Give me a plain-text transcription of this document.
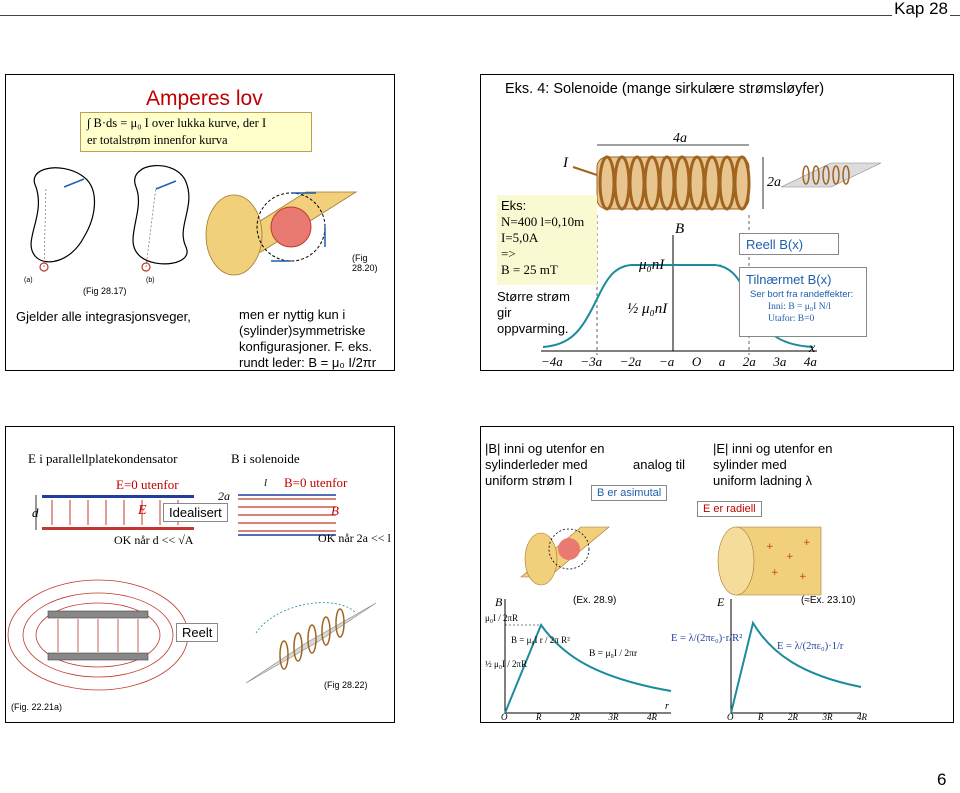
Kap 28
Amperes lov
∫ B·ds = μ₀ I over lukka kurve, der I
er totalstrøm innenfor kurva
(a)	(b)
(Fig 28.17)
(Fig 28.20)
Gjelder alle integrasjonsveger,	men er nyttig kun i
(sylinder)symmetriske
konfigurasjoner. F. eks.
rundt leder: B = μ₀ I/2πr
Eks. 4: Solenoide (mange sirkulære strømsløyfer)
4a
2a
I
B
μ₀nI
½ μ₀nI
x
−4a −3a −2a −a O a 2a 3a 4a
Eks:
N=400 l=0,10m
I=5,0A
=>
B = 25 mT
Større strøm
gir
oppvarming.
Reell B(x)
Tilnærmet B(x)
Ser bort fra randeffekter:
Inni: B = μ₀I N/l
Utafor: B=0
E i parallellplatekondensator	B i solenoide
E=0 utenfor
E
d	Idealisert
OK når d << √A
l B=0 utenfor
2a
B
OK når 2a << l
Reelt
(Fig. 22.21a)
(Fig 28.22)
|B| inni og utenfor en
sylinderleder med
uniform strøm I
analog til
|E| inni og utenfor en
sylinder med
uniform ladning λ
B er asimutal
E er radiell
+
+
+
+ +
B	(Ex. 28.9)
μ₀I / 2πR
½ μ₀I / 2πR
B = μ₀I r / 2π R²
B = μ₀I / 2πr
E	(≈Ex. 23.10)
E = λ/(2πε₀)·r/R²
E = λ/(2πε₀)·1/r
O	R	2R	3R	4R	O	R	2R	3R	4R
r
6
